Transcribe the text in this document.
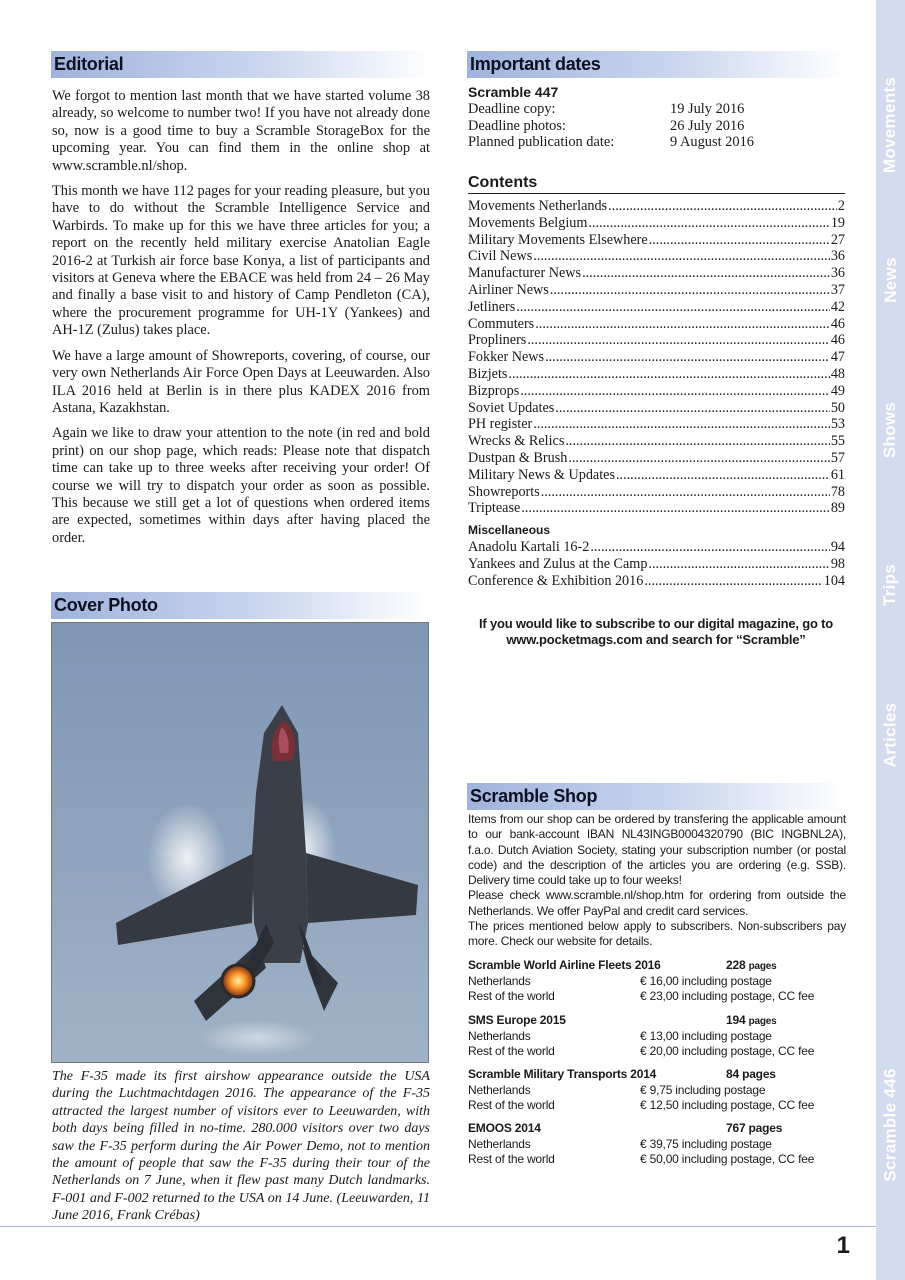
Editorial

We forgot to mention last month that we have started volume 38 already, so welcome to number two! If you have not already done so, now is a good time to buy a Scramble StorageBox for the upcoming year. You can find them in the online shop at www.scramble.nl/shop.

This month we have 112 pages for your reading pleasure, but you have to do without the Scramble Intelligence Service and Warbirds. To make up for this we have three articles for you; a report on the recently held military exercise Anatolian Eagle 2016-2 at Turkish air force base Konya, a list of participants and visitors at Geneva where the EBACE was held from 24 – 26 May and finally a base visit to and history of Camp Pendleton (CA), where the procurement programme for UH-1Y (Yankees) and AH-1Z (Zulus) takes place.

We have a large amount of Showreports, covering, of course, our very own Netherlands Air Force Open Days at Leeuwarden. Also ILA 2016 held at Berlin is in there plus KADEX 2016 from Astana, Kazakhstan.

Again we like to draw your attention to the note (in red and bold print) on our shop page, which reads: Please note that dispatch time can take up to three weeks after receiving your order! Of course we will try to dispatch your order as soon as possible. This because we still get a lot of questions when ordered items are expected, sometimes within days after having placed the order.

Important dates
Scramble 447
Deadline copy:	19 July 2016
Deadline photos:	26 July 2016
Planned publication date:	9 August 2016
Contents
Movements Netherlands .....	2
Movements Belgium .....	19
Military Movements Elsewhere .....	27
Civil News .....	36
Manufacturer News .....	36
Airliner News .....	37
Jetliners .....	42
Commuters .....	46
Propliners .....	46
Fokker News .....	47
Bizjets .....	48
Bizprops .....	49
Soviet Updates .....	50
PH register .....	53
Wrecks & Relics .....	55
Dustpan & Brush .....	57
Military News & Updates .....	61
Showreports .....	78
Triptease .....	89
Miscellaneous
Anadolu Kartali 16-2 .....	94
Yankees and Zulus at the Camp .....	98
Conference & Exhibition 2016 .....	104
If you would like to subscribe to our digital magazine, go to
www.pocketmags.com and search for “Scramble”
Cover Photo
The F-35 made its first airshow appearance outside the USA during the Luchtmachtdagen 2016. The appearance of the F-35 attracted the largest number of visitors ever to Leeuwarden, with both days being filled in no-time. 280.000 visitors over two days saw the F-35 perform during the Air Power Demo, not to mention the amount of people that saw the F-35 during their tour of the Netherlands on 7 June, when it flew past many Dutch landmarks. F-001 and F-002 returned to the USA on 14 June. (Leeuwarden, 11 June 2016, Frank Crébas)
Scramble Shop

Items from our shop can be ordered by transfering the applicable amount to our bank-account IBAN NL43INGB0004320790 (BIC INGBNL2A), f.a.o. Dutch Aviation Society, stating your subscription number (or postal code) and the description of the articles you are ordering (e.g. SSB). Delivery time could take up to four weeks!

Please check www.scramble.nl/shop.htm for ordering from outside the Netherlands. We offer PayPal and credit card services.

The prices mentioned below apply to subscribers. Non-subscribers pay more. Check our website for details.

Scramble World Airline Fleets 2016	228 pages
Netherlands	€ 16,00 including postage
Rest of the world	€ 23,00 including postage, CC fee
SMS Europe 2015	194 pages
Netherlands	€ 13,00 including postage
Rest of the world	€ 20,00 including postage, CC fee
Scramble Military Transports 2014	84 pages
Netherlands	€ 9,75 including postage
Rest of the world	€ 12,50 including postage, CC fee
EMOOS 2014	767 pages
Netherlands	€ 39,75 including postage
Rest of the world	€ 50,00 including postage, CC fee
Movements
News
Shows
Trips
Articles
Scramble 446
1
